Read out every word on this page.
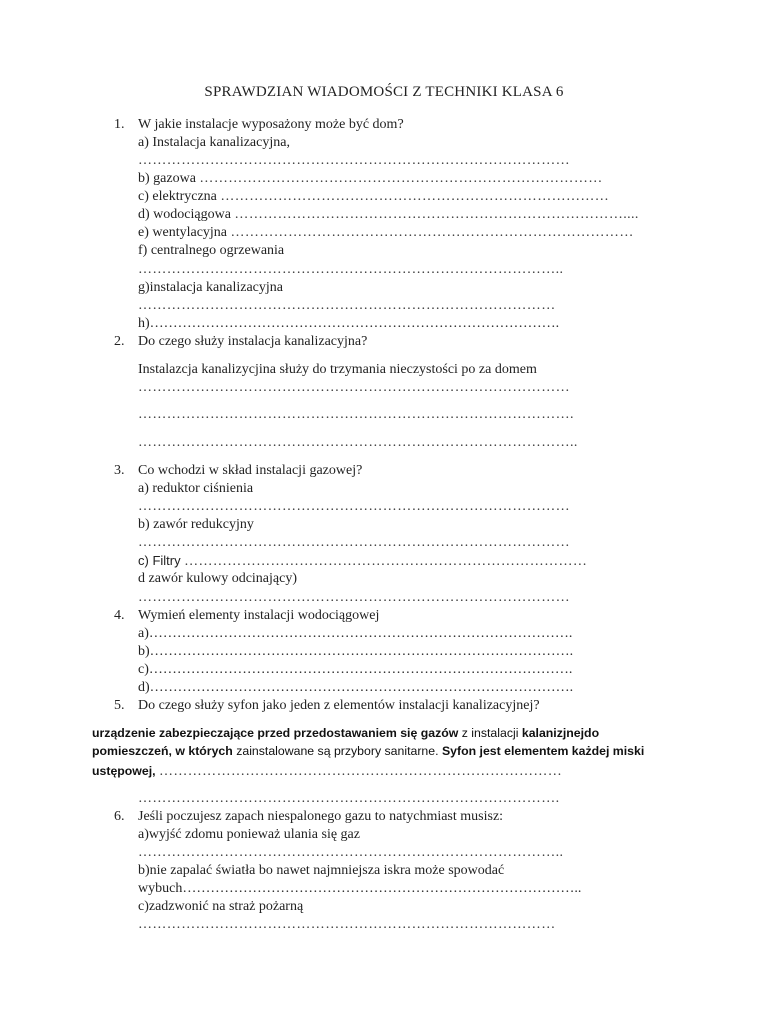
SPRAWDZIAN WIADOMOŚCI Z TECHNIKI KLASA 6
1. W jakie instalacje wyposażony może być dom?
a) Instalacja kanalizacyjna,
………………………………………………………………………………
b) gazowa …………………………………………………………………………
c) elektryczna ………………………………………………………………………
d) wodociągowa ………………………………………………………………………....
e) wentylacyjna …………………………………………………………………………
f) centralnego ogrzewania
……………………………………………………………………………..
g)instalacja kanalizacyjna
……………………………………………………………………………
h)…………………………………………………………………………….
2. Do czego służy instalacja kanalizacyjna?
Instalazcja kanalizycjina służy do trzymania nieczystości po za domem
………………………………………………………………………………
……………………………………………………………………………….
………………………………………………………………………………..
3. Co wchodzi w skład instalacji gazowej?
a) reduktor ciśnienia
………………………………………………………………………………
b) zawór redukcyjny
………………………………………………………………………………
c) Filtry …………………………………………………………………………
d zawór kulowy odcinający)
………………………………………………………………………………
4. Wymień elementy instalacji wodociągowej
a)……………………………………………………………………………….
b)……………………………………………………………………………….
c)……………………………………………………………………………….
d)……………………………………………………………………………….
5. Do czego służy syfon jako jeden z elementów instalacji kanalizacyjnej?
urządzenie zabezpieczające przed przedostawaniem się gazów z instalacji kalanizjnejdo
pomieszczeń, w których zainstalowane są przybory sanitarne. Syfon jest elementem każdej miski
ustępowej, …………………………………………………………………………
…………………………………………………………………………….
6. Jeśli poczujesz zapach niespalonego gazu to natychmiast musisz:
a)wyjść zdomu ponieważ ulania się gaz
……………………………………………………………………………..
b)nie zapalać światła bo nawet najmniejsza iskra może spowodać
wybuch…………………………………………………………………………..
c)zadzwonić na straż pożarną
……………………………………………………………………………
